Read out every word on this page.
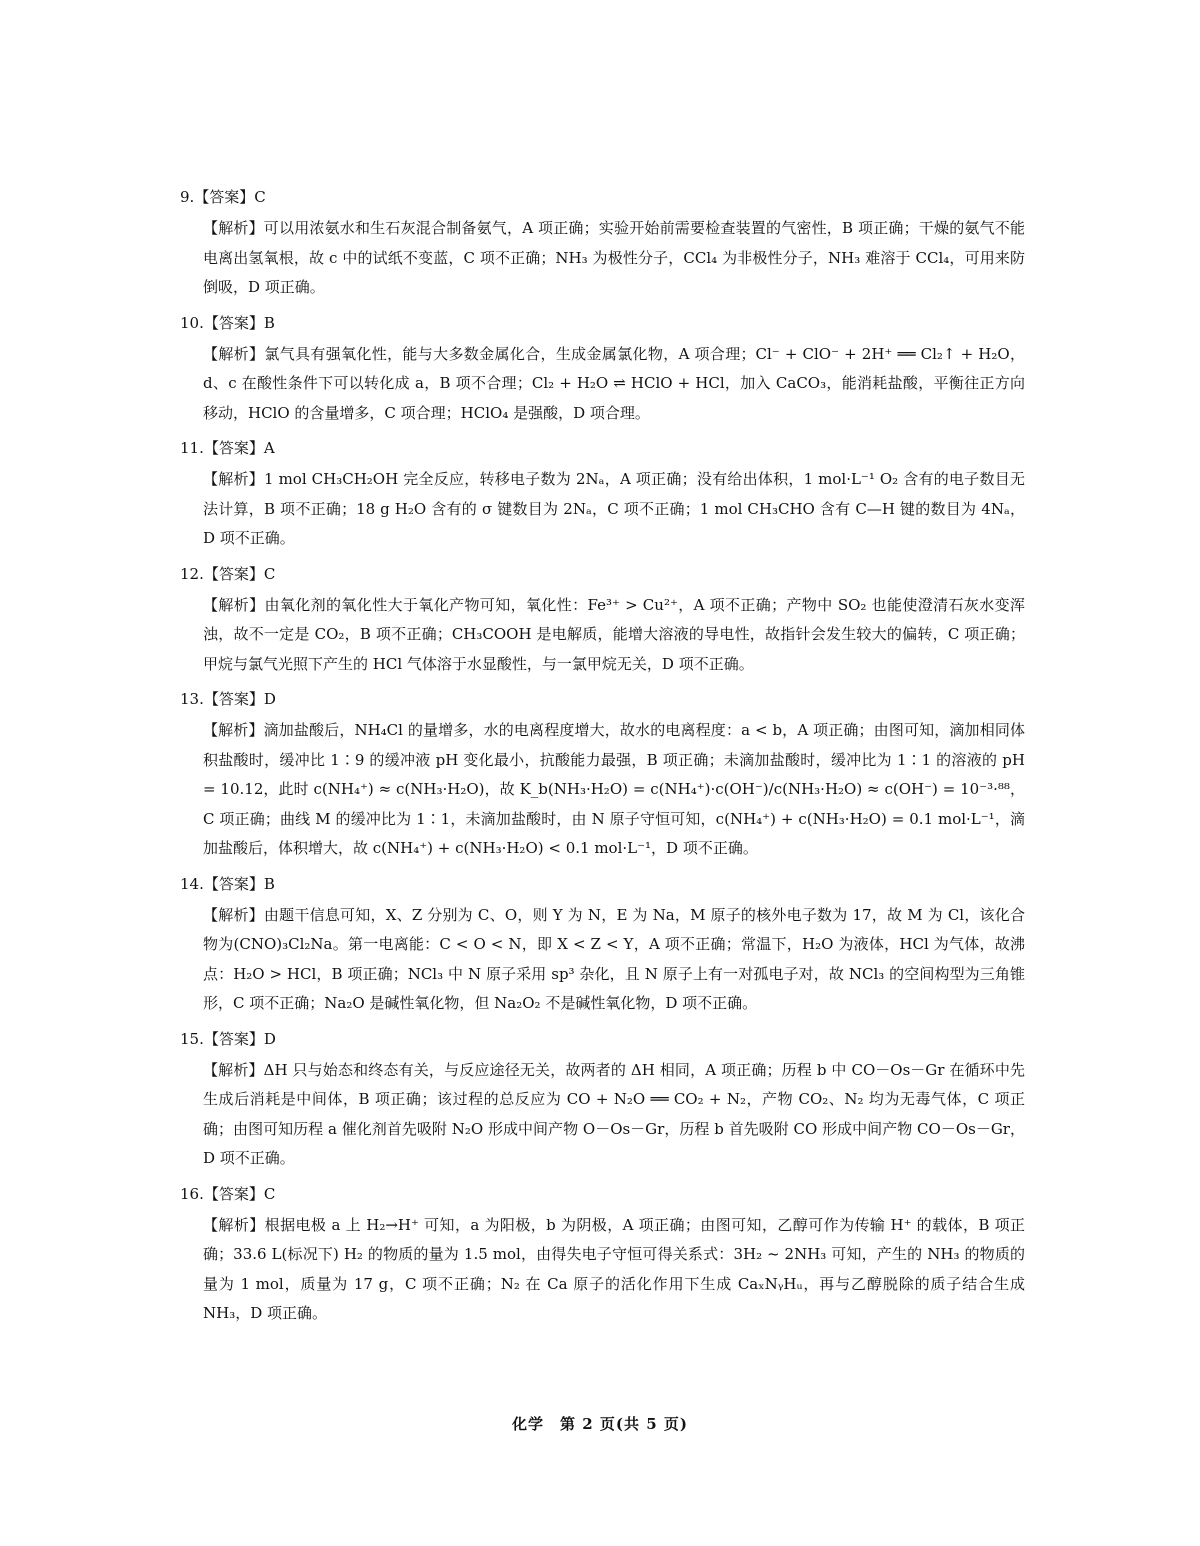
9.【答案】C

【解析】可以用浓氨水和生石灰混合制备氨气，A 项正确；实验开始前需要检查装置的气密性，B 项正确；干燥的氨气不能电离出氢氧根，故 c 中的试纸不变蓝，C 项不正确；NH₃ 为极性分子，CCl₄ 为非极性分子，NH₃ 难溶于 CCl₄，可用来防倒吸，D 项正确。

10.【答案】B

【解析】氯气具有强氧化性，能与大多数金属化合，生成金属氯化物，A 项合理；Cl⁻ + ClO⁻ + 2H⁺ ══ Cl₂↑ + H₂O，d、c 在酸性条件下可以转化成 a，B 项不合理；Cl₂ + H₂O ⇌ HClO + HCl，加入 CaCO₃，能消耗盐酸，平衡往正方向移动，HClO 的含量增多，C 项合理；HClO₄ 是强酸，D 项合理。

11.【答案】A

【解析】1 mol CH₃CH₂OH 完全反应，转移电子数为 2Nₐ，A 项正确；没有给出体积，1 mol·L⁻¹ O₂ 含有的电子数目无法计算，B 项不正确；18 g H₂O 含有的 σ 键数目为 2Nₐ，C 项不正确；1 mol CH₃CHO 含有 C—H 键的数目为 4Nₐ，D 项不正确。

12.【答案】C

【解析】由氧化剂的氧化性大于氧化产物可知，氧化性：Fe³⁺ > Cu²⁺，A 项不正确；产物中 SO₂ 也能使澄清石灰水变浑浊，故不一定是 CO₂，B 项不正确；CH₃COOH 是电解质，能增大溶液的导电性，故指针会发生较大的偏转，C 项正确；甲烷与氯气光照下产生的 HCl 气体溶于水显酸性，与一氯甲烷无关，D 项不正确。

13.【答案】D

【解析】滴加盐酸后，NH₄Cl 的量增多，水的电离程度增大，故水的电离程度：a < b，A 项正确；由图可知，滴加相同体积盐酸时，缓冲比 1∶9 的缓冲液 pH 变化最小，抗酸能力最强，B 项正确；未滴加盐酸时，缓冲比为 1∶1 的溶液的 pH = 10.12，此时 c(NH₄⁺) ≈ c(NH₃·H₂O)，故 K_b(NH₃·H₂O) = c(NH₄⁺)·c(OH⁻)/c(NH₃·H₂O) ≈ c(OH⁻) = 10⁻³·⁸⁸，C 项正确；曲线 M 的缓冲比为 1∶1，未滴加盐酸时，由 N 原子守恒可知，c(NH₄⁺) + c(NH₃·H₂O) = 0.1 mol·L⁻¹，滴加盐酸后，体积增大，故 c(NH₄⁺) + c(NH₃·H₂O) < 0.1 mol·L⁻¹，D 项不正确。

14.【答案】B

【解析】由题干信息可知，X、Z 分别为 C、O，则 Y 为 N，E 为 Na，M 原子的核外电子数为 17，故 M 为 Cl，该化合物为(CNO)₃Cl₂Na。第一电离能：C < O < N，即 X < Z < Y，A 项不正确；常温下，H₂O 为液体，HCl 为气体，故沸点：H₂O > HCl，B 项正确；NCl₃ 中 N 原子采用 sp³ 杂化，且 N 原子上有一对孤电子对，故 NCl₃ 的空间构型为三角锥形，C 项不正确；Na₂O 是碱性氧化物，但 Na₂O₂ 不是碱性氧化物，D 项不正确。

15.【答案】D

【解析】ΔH 只与始态和终态有关，与反应途径无关，故两者的 ΔH 相同，A 项正确；历程 b 中 CO－Os－Gr 在循环中先生成后消耗是中间体，B 项正确；该过程的总反应为 CO + N₂O ══ CO₂ + N₂，产物 CO₂、N₂ 均为无毒气体，C 项正确；由图可知历程 a 催化剂首先吸附 N₂O 形成中间产物 O－Os－Gr，历程 b 首先吸附 CO 形成中间产物 CO－Os－Gr，D 项不正确。

16.【答案】C

【解析】根据电极 a 上 H₂→H⁺ 可知，a 为阳极，b 为阴极，A 项正确；由图可知，乙醇可作为传输 H⁺ 的载体，B 项正确；33.6 L(标况下) H₂ 的物质的量为 1.5 mol，由得失电子守恒可得关系式：3H₂ ~ 2NH₃ 可知，产生的 NH₃ 的物质的量为 1 mol，质量为 17 g，C 项不正确；N₂ 在 Ca 原子的活化作用下生成 CaₓNᵧHᵤ，再与乙醇脱除的质子结合生成 NH₃，D 项正确。

化学　第 2 页(共 5 页)
